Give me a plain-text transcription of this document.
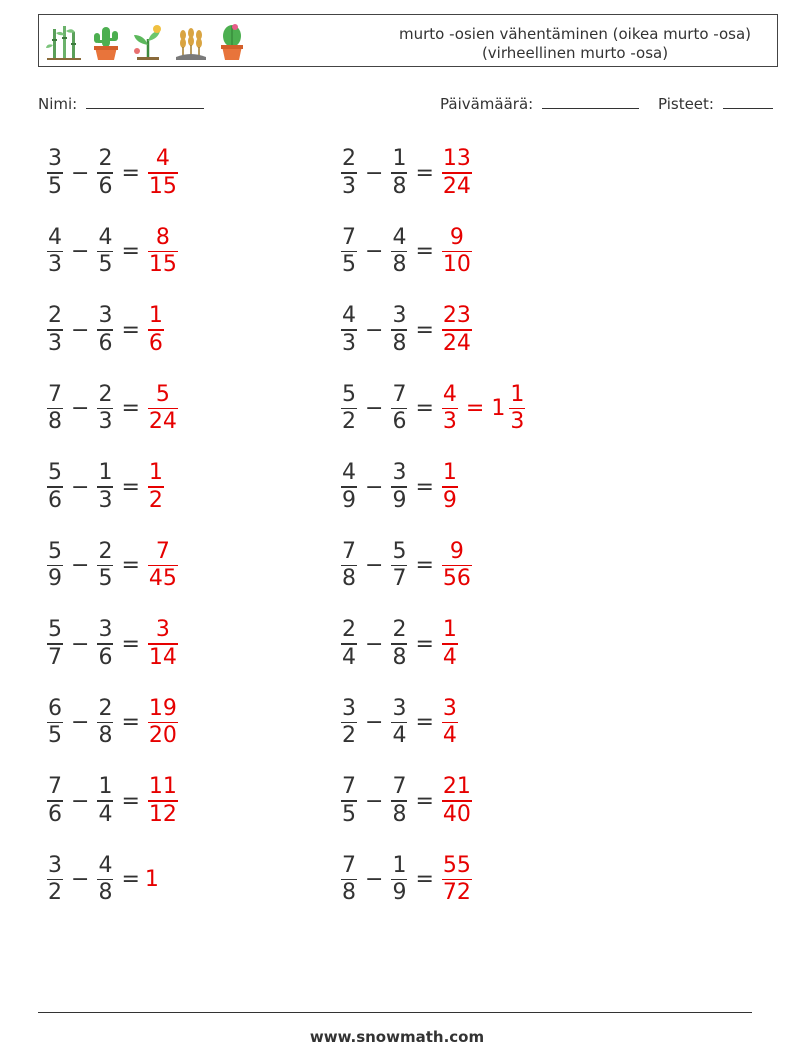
murto -osien vähentäminen (oikea murto -osa) (virheellinen murto -osa)
Nimi:	Päivämäärä:	Pisteet:
$\frac{3}{5} - \frac{2}{6} = \frac{4}{15}$	$\frac{2}{3} - \frac{1}{8} = \frac{13}{24}$
$\frac{4}{3} - \frac{4}{5} = \frac{8}{15}$	$\frac{7}{5} - \frac{4}{8} = \frac{9}{10}$
$\frac{2}{3} - \frac{3}{6} = \frac{1}{6}$	$\frac{4}{3} - \frac{3}{8} = \frac{23}{24}$
$\frac{7}{8} - \frac{2}{3} = \frac{5}{24}$	$\frac{5}{2} - \frac{7}{6} = \frac{4}{3} = 1 \frac{1}{3}$
$\frac{5}{6} - \frac{1}{3} = \frac{1}{2}$	$\frac{4}{9} - \frac{3}{9} = \frac{1}{9}$
$\frac{5}{9} - \frac{2}{5} = \frac{7}{45}$	$\frac{7}{8} - \frac{5}{7} = \frac{9}{56}$
$\frac{5}{7} - \frac{3}{6} = \frac{3}{14}$	$\frac{2}{4} - \frac{2}{8} = \frac{1}{4}$
$\frac{6}{5} - \frac{2}{8} = \frac{19}{20}$	$\frac{3}{2} - \frac{3}{4} = \frac{3}{4}$
$\frac{7}{6} - \frac{1}{4} = \frac{11}{12}$	$\frac{7}{5} - \frac{7}{8} = \frac{21}{40}$
$\frac{3}{2} - \frac{4}{8} = 1$	$\frac{7}{8} - \frac{1}{9} = \frac{55}{72}$
www.snowmath.com
